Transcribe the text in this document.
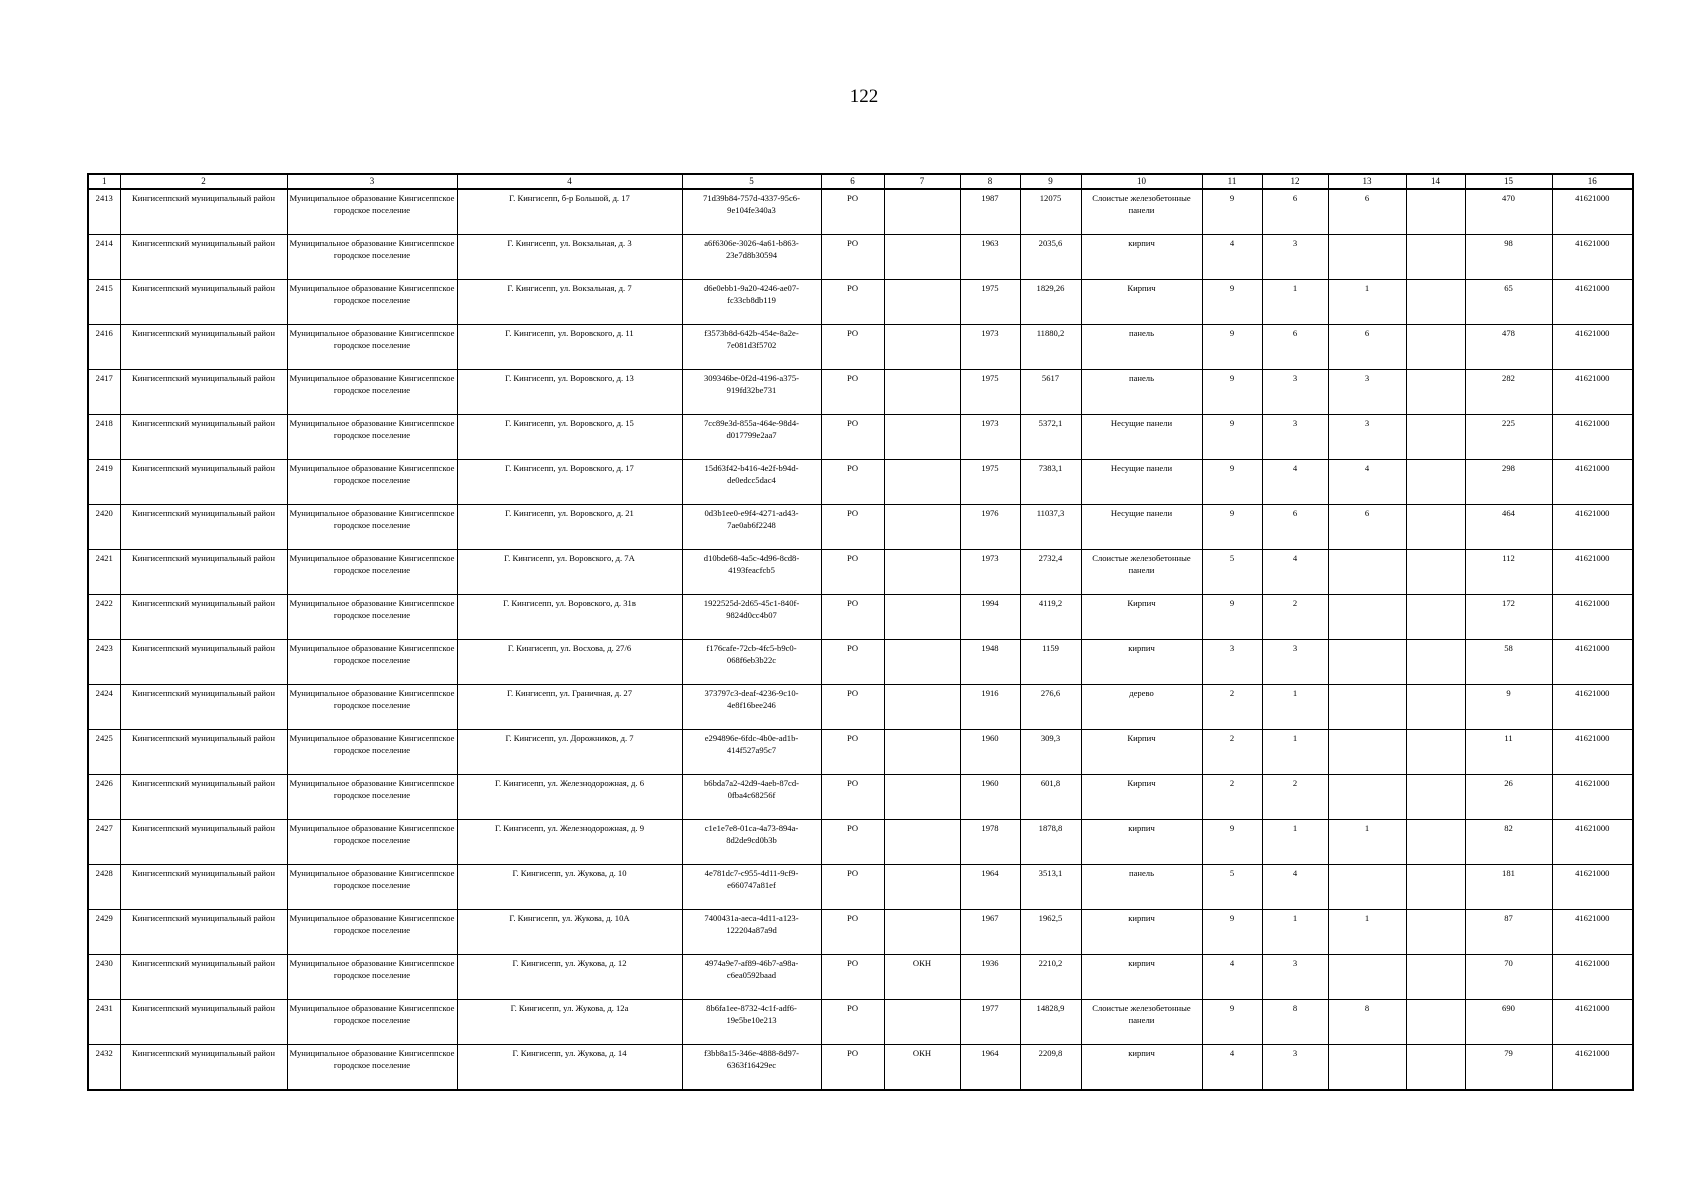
122
1	2	3	4	5	6	7	8	9	10	11	12	13	14	15	16
2413	Кингисеппский муниципальный район	Муниципальное образование Кингисеппское городское поселение	Г. Кингисепп, б-р Большой, д. 17	71d39b84-757d-4337-95c6-9e104fe340a3	РО		1987	12075	Слоистые железобетонные панели	9	6	6		470	41621000
2414	Кингисеппский муниципальный район	Муниципальное образование Кингисеппское городское поселение	Г. Кингисепп, ул. Вокзальная, д. 3	a6f6306e-3026-4a61-b863-23e7d8b30594	РО		1963	2035,6	кирпич	4	3			98	41621000
2415	Кингисеппский муниципальный район	Муниципальное образование Кингисеппское городское поселение	Г. Кингисепп, ул. Вокзальная, д. 7	d6e0ebb1-9a20-4246-ae07-fc33cb8db119	РО		1975	1829,26	Кирпич	9	1	1		65	41621000
2416	Кингисеппский муниципальный район	Муниципальное образование Кингисеппское городское поселение	Г. Кингисепп, ул. Воровского, д. 11	f3573b8d-642b-454e-8a2e-7e081d3f5702	РО		1973	11880,2	панель	9	6	6		478	41621000
2417	Кингисеппский муниципальный район	Муниципальное образование Кингисеппское городское поселение	Г. Кингисепп, ул. Воровского, д. 13	309346be-0f2d-4196-a375-919fd32be731	РО		1975	5617	панель	9	3	3		282	41621000
2418	Кингисеппский муниципальный район	Муниципальное образование Кингисеппское городское поселение	Г. Кингисепп, ул. Воровского, д. 15	7cc89e3d-855a-464e-98d4-d017799e2aa7	РО		1973	5372,1	Несущие панели	9	3	3		225	41621000
2419	Кингисеппский муниципальный район	Муниципальное образование Кингисеппское городское поселение	Г. Кингисепп, ул. Воровского, д. 17	15d63f42-b416-4e2f-b94d-de0edcc5dac4	РО		1975	7383,1	Несущие панели	9	4	4		298	41621000
2420	Кингисеппский муниципальный район	Муниципальное образование Кингисеппское городское поселение	Г. Кингисепп, ул. Воровского, д. 21	0d3b1ee0-e9f4-4271-ad43-7ae0ab6f2248	РО		1976	11037,3	Несущие панели	9	6	6		464	41621000
2421	Кингисеппский муниципальный район	Муниципальное образование Кингисеппское городское поселение	Г. Кингисепп, ул. Воровского, д. 7А	d10bde68-4a5c-4d96-8cd8-4193feacfcb5	РО		1973	2732,4	Слоистые железобетонные панели	5	4			112	41621000
2422	Кингисеппский муниципальный район	Муниципальное образование Кингисеппское городское поселение	Г. Кингисепп, ул. Воровского, д. 31в	1922525d-2d65-45c1-840f-9824d0cc4b07	РО		1994	4119,2	Кирпич	9	2			172	41621000
2423	Кингисеппский муниципальный район	Муниципальное образование Кингисеппское городское поселение	Г. Кингисепп, ул. Восхова, д. 27/6	f176cafe-72cb-4fc5-b9c0-068f6eb3b22c	РО		1948	1159	кирпич	3	3			58	41621000
2424	Кингисеппский муниципальный район	Муниципальное образование Кингисеппское городское поселение	Г. Кингисепп, ул. Граничная, д. 27	373797c3-deaf-4236-9c10-4e8f16bee246	РО		1916	276,6	дерево	2	1			9	41621000
2425	Кингисеппский муниципальный район	Муниципальное образование Кингисеппское городское поселение	Г. Кингисепп, ул. Дорожников, д. 7	e294896e-6fdc-4b0e-ad1b-414f527a95c7	РО		1960	309,3	Кирпич	2	1			11	41621000
2426	Кингисеппский муниципальный район	Муниципальное образование Кингисеппское городское поселение	Г. Кингисепп, ул. Железнодорожная, д. 6	b6bda7a2-42d9-4aeb-87cd-0fba4c68256f	РО		1960	601,8	Кирпич	2	2			26	41621000
2427	Кингисеппский муниципальный район	Муниципальное образование Кингисеппское городское поселение	Г. Кингисепп, ул. Железнодорожная, д. 9	c1e1e7e8-01ca-4a73-894a-8d2de9cd0b3b	РО		1978	1878,8	кирпич	9	1	1		82	41621000
2428	Кингисеппский муниципальный район	Муниципальное образование Кингисеппское городское поселение	Г. Кингисепп, ул. Жукова, д. 10	4e781dc7-c955-4d11-9cf9-e660747a81ef	РО		1964	3513,1	панель	5	4			181	41621000
2429	Кингисеппский муниципальный район	Муниципальное образование Кингисеппское городское поселение	Г. Кингисепп, ул. Жукова, д. 10А	7400431a-aeca-4d11-a123-122204a87a9d	РО		1967	1962,5	кирпич	9	1	1		87	41621000
2430	Кингисеппский муниципальный район	Муниципальное образование Кингисеппское городское поселение	Г. Кингисепп, ул. Жукова, д. 12	4974a9e7-af89-46b7-a98a-c6ea0592baad	РО	ОКН	1936	2210,2	кирпич	4	3			70	41621000
2431	Кингисеппский муниципальный район	Муниципальное образование Кингисеппское городское поселение	Г. Кингисепп, ул. Жукова, д. 12а	8b6fa1ee-8732-4c1f-adf6-19e5be10e213	РО		1977	14828,9	Слоистые железобетонные панели	9	8	8		690	41621000
2432	Кингисеппский муниципальный район	Муниципальное образование Кингисеппское городское поселение	Г. Кингисепп, ул. Жукова, д. 14	f3bb8a15-346e-4888-8d97-6363f16429ec	РО	ОКН	1964	2209,8	кирпич	4	3			79	41621000
